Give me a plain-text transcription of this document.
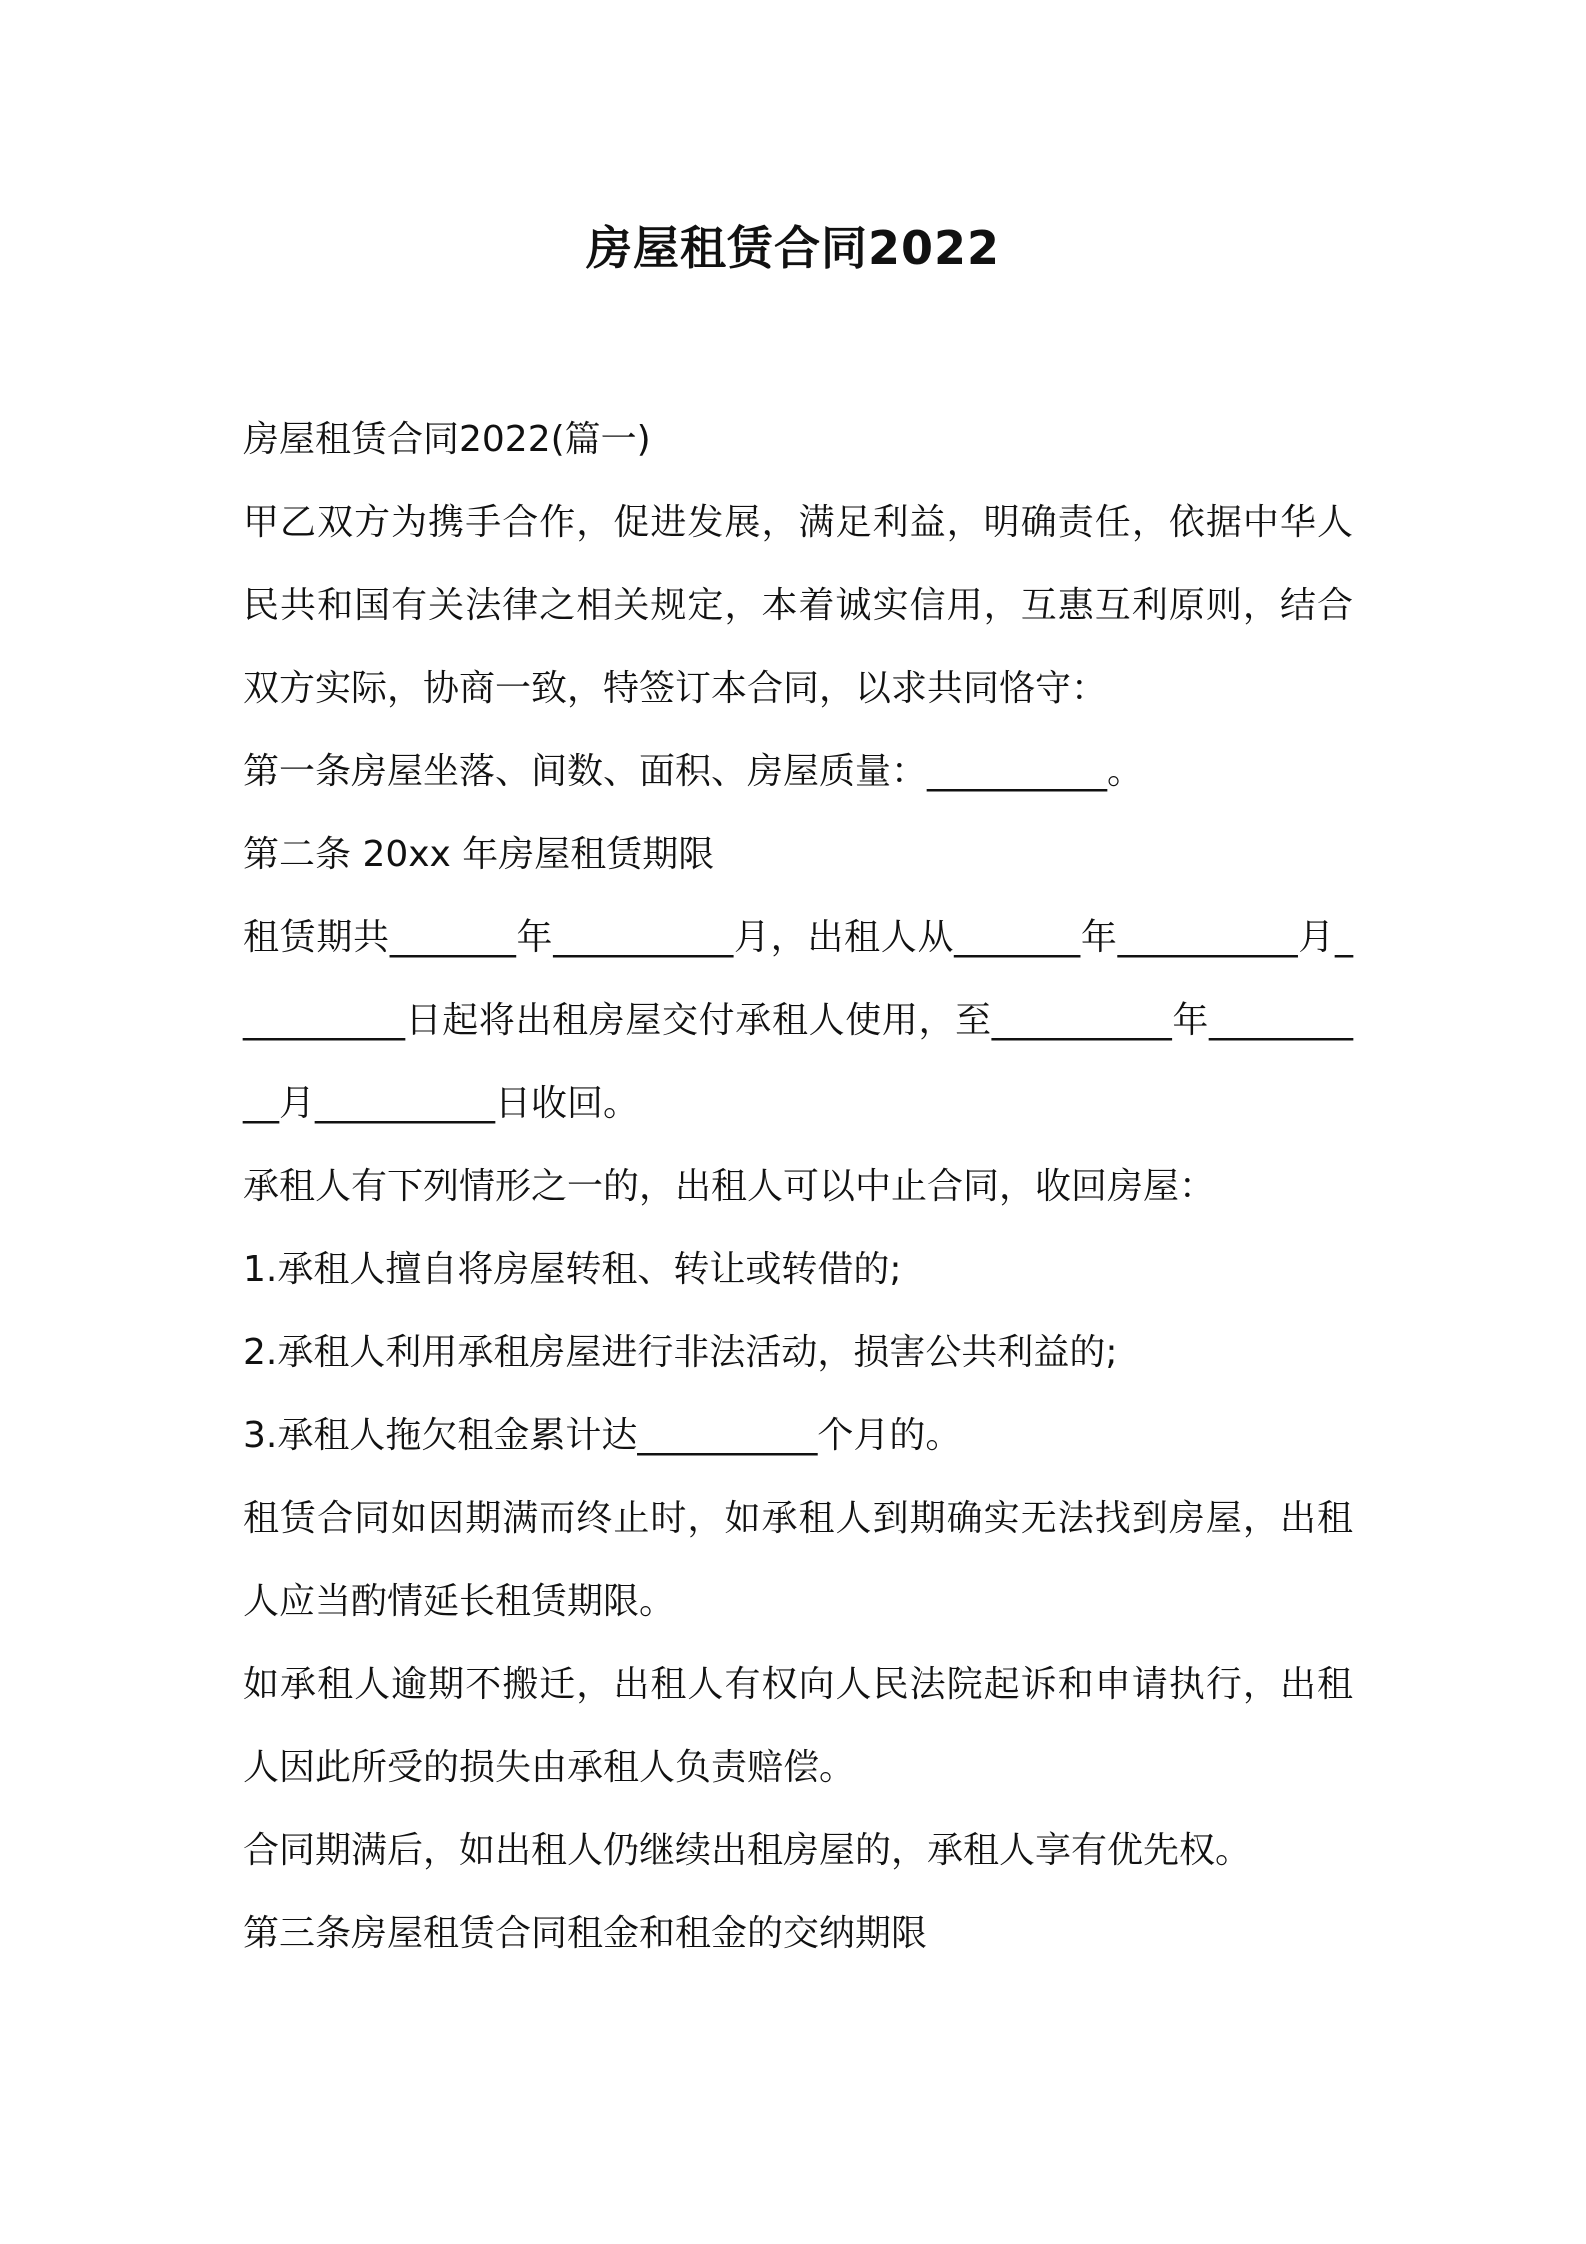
房屋租赁合同2022

房屋租赁合同2022(篇一)

甲乙双方为携手合作，促进发展，满足利益，明确责任，依据中华人民共和国有关法律之相关规定，本着诚实信用，互惠互利原则，结合双方实际，协商一致，特签订本合同，以求共同恪守：

第一条房屋坐落、间数、面积、房屋质量：__________。

第二条 20xx 年房屋租赁期限

租赁期共_______年__________月，出租人从_______年__________月__________日起将出租房屋交付承租人使用，至__________年__________月__________日收回。

承租人有下列情形之一的，出租人可以中止合同，收回房屋：

1.承租人擅自将房屋转租、转让或转借的;

2.承租人利用承租房屋进行非法活动，损害公共利益的;

3.承租人拖欠租金累计达__________个月的。

租赁合同如因期满而终止时，如承租人到期确实无法找到房屋，出租人应当酌情延长租赁期限。

如承租人逾期不搬迁，出租人有权向人民法院起诉和申请执行，出租人因此所受的损失由承租人负责赔偿。

合同期满后，如出租人仍继续出租房屋的，承租人享有优先权。

第三条房屋租赁合同租金和租金的交纳期限
